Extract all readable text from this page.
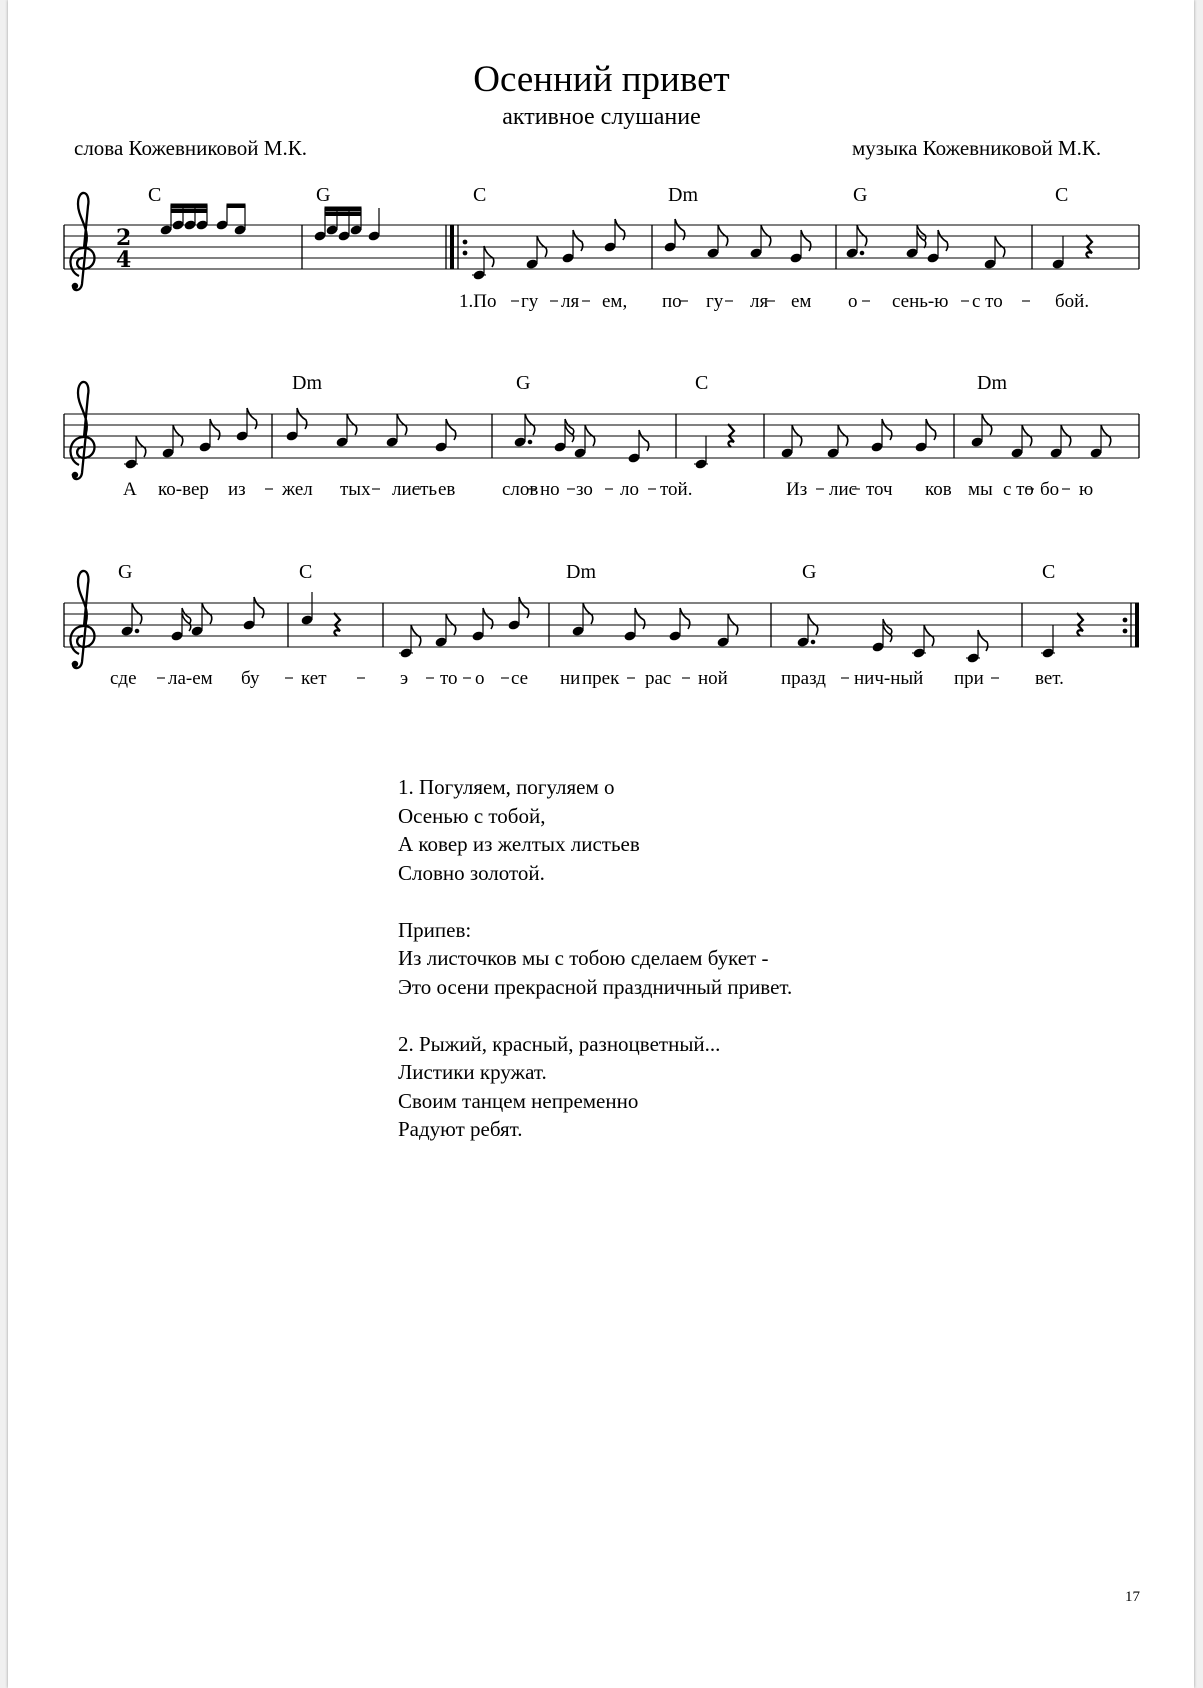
Осенний привет
активное слушание
слова Кожевниковой М.К.	музыка Кожевниковой М.К.
2
4
C	G	C	Dm	G	C
Dm	G	C	Dm
G	C	Dm	G	C
1.По гу ля ем, по гу ля ем о сень-ю с то	бой.
А ко-вер из жел тых листь ев слов но зо ло той.	Из лис точ ков мы с то бо ю
сде ла-ем бу кет	э то о се ни прек рас ной	празд нич-ный при	вет.
1. Погуляем, погуляем о
Осенью с тобой,
А ковер из желтых листьев
Словно золотой.
Припев:
Из листочков мы с тобою сделаем букет -
Это осени прекрасной праздничный привет.
2. Рыжий, красный, разноцветный...
Листики кружат.
Своим танцем непременно
Радуют ребят.
17
